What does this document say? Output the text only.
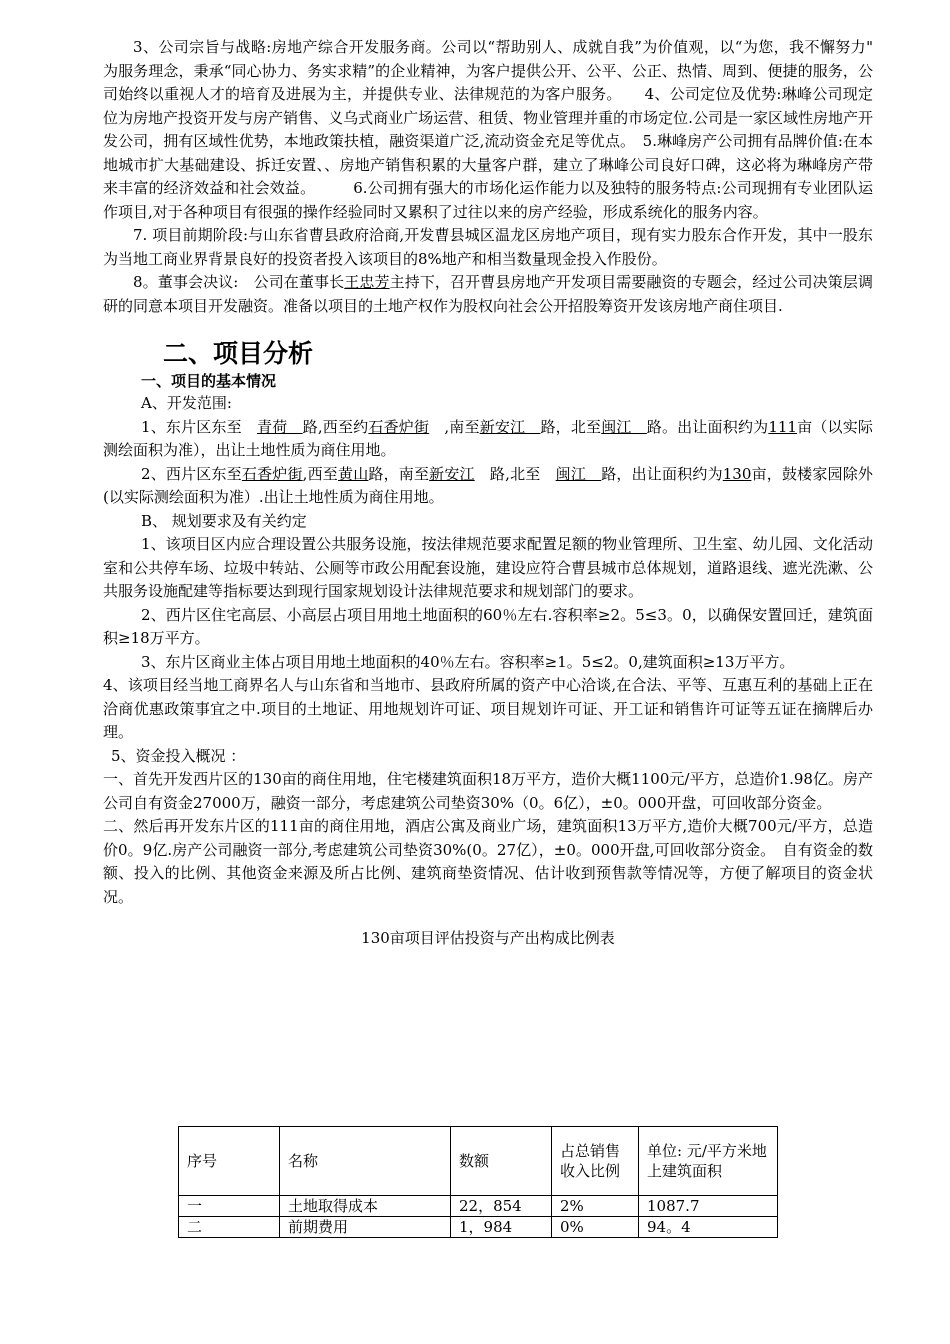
3、公司宗旨与战略:房地产综合开发服务商。公司以“帮助别人、成就自我”为价值观，以“为您，我不懈努力"　为服务理念，秉承“同心协力、务实求精”的企业精神，为客户提供公开、公平、公正、热情、周到、便捷的服务，公司始终以重视人才的培育及进展为主，并提供专业、法律规范的为客户服务。　　4、公司定位及优势:琳峰公司现定位为房地产投资开发与房产销售、义乌式商业广场运营、租赁、物业管理并重的市场定位.公司是一家区域性房地产开发公司，拥有区域性优势，本地政策扶植，融资渠道广泛,流动资金充足等优点。　5.琳峰房产公司拥有品牌价值:在本地城市扩大基础建设、拆迁安置、、房地产销售积累的大量客户群，建立了琳峰公司良好口碑，这必将为琳峰房产带来丰富的经济效益和社会效益。　　　6.公司拥有强大的市场化运作能力以及独特的服务特点:公司现拥有专业团队运作项目,对于各种项目有很强的操作经验同时又累积了过往以来的房产经验，形成系统化的服务内容。

7. 项目前期阶段:与山东省曹县政府洽商,开发曹县城区温龙区房地产项目，现有实力股东合作开发，其中一股东为当地工商业界背景良好的投资者投入该项目的8%地产和相当数量现金投入作股份。

8。董事会决议:　公司在董事长王忠芳主持下，召开曹县房地产开发项目需要融资的专题会，经过公司决策层调研的同意本项目开发融资。准备以项目的土地产权作为股权向社会公开招股筹资开发该房地产商住项目.

二、项目分析
一、项目的基本情况

A、开发范围:

1、东片区东至　青荷　路,西至约石香炉街　,南至新安江　路，北至闽江　路。出让面积约为111亩（以实际测绘面积为准），出让土地性质为商住用地。

2、西片区东至石香炉街,西至黄山路，南至新安江　路,北至　闽江　路，出让面积约为130亩，鼓楼家园除外(以实际测绘面积为准）.出让土地性质为商住用地。

B、 规划要求及有关约定

1、该项目区内应合理设置公共服务设施，按法律规范要求配置足额的物业管理所、卫生室、幼儿园、文化活动室和公共停车场、垃圾中转站、公厕等市政公用配套设施，建设应符合曹县城市总体规划，道路退线、遮光洗漱、公共服务设施配建等指标要达到现行国家规划设计法律规范要求和规划部门的要求。

2、西片区住宅高层、小高层占项目用地土地面积的60％左右.容积率≥2。5≤3。0，以确保安置回迁，建筑面积≥18万平方。

3、东片区商业主体占项目用地土地面积的40％左右。容积率≥1。5≤2。0,建筑面积≥13万平方。

4、该项目经当地工商界名人与山东省和当地市、县政府所属的资产中心洽谈,在合法、平等、互惠互利的基础上正在洽商优惠政策事宜之中.项目的土地证、用地规划许可证、项目规划许可证、开工证和销售许可证等五证在摘牌后办理。

5、资金投入概况 ：

一、首先开发西片区的130亩的商住用地，住宅楼建筑面积18万平方，造价大概1100元/平方，总造价1.98亿。房产公司自有资金27000万，融资一部分，考虑建筑公司垫资30%（0。6亿），±0。000开盘，可回收部分资金。

二、然后再开发东片区的111亩的商住用地，酒店公寓及商业广场，建筑面积13万平方,造价大概700元/平方，总造价0。9亿.房产公司融资一部分,考虑建筑公司垫资30%(0。27亿），±0。000开盘,可回收部分资金。　自有资金的数额、投入的比例、其他资金来源及所占比例、建筑商垫资情况、估计收到预售款等情况等，方便了解项目的资金状况。

130亩项目评估投资与产出构成比例表
序号	名称	数额	占总销售收入比例	单位: 元/平方米地上建筑面积
一	土地取得成本	22，854	2%	1087.7
二	前期费用	1，984	0%	94。4
